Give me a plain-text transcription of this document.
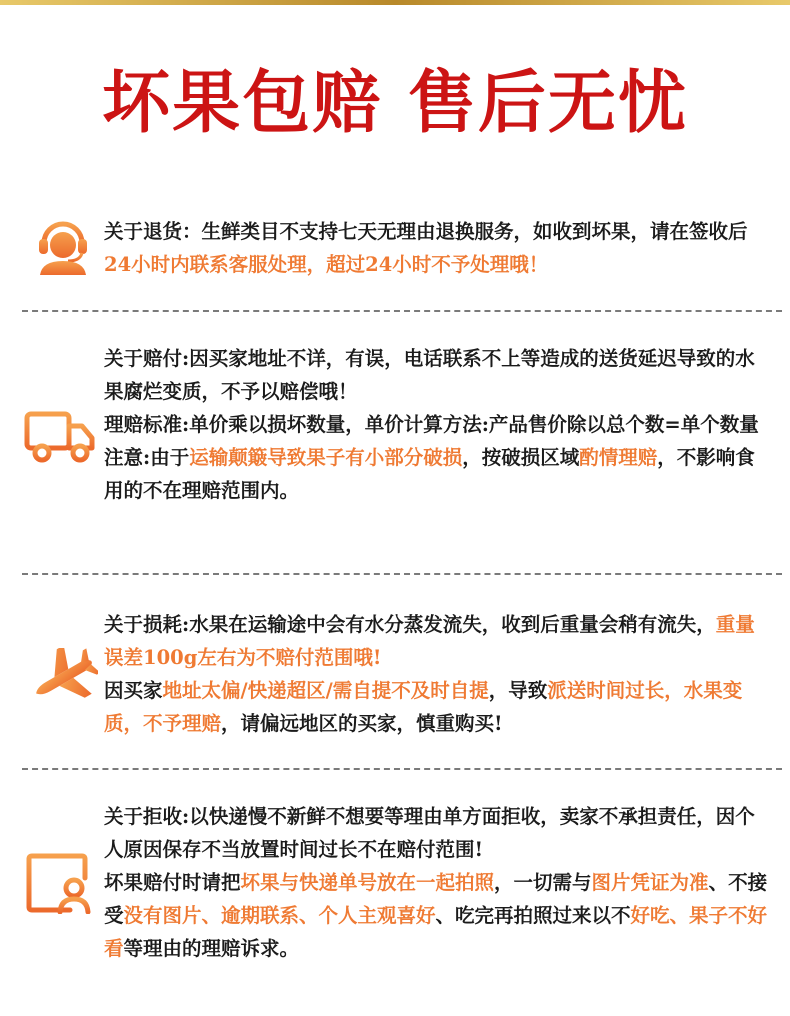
坏果包赔 售后无忧

关于退货：生鲜类目不支持七天无理由退换服务，如收到坏果，请在签收后24小时内联系客服处理，超过24小时不予处理哦！

关于赔付:因买家地址不详，有误，电话联系不上等造成的送货延迟导致的水果腐烂变质，不予以赔偿哦！

理赔标准:单价乘以损坏数量，单价计算方法:产品售价除以总个数=单个数量

注意:由于运输颠簸导致果子有小部分破损，按破损区域酌情理赔，不影响食用的不在理赔范围内。

关于损耗:水果在运输途中会有水分蒸发流失，收到后重量会稍有流失，重量误差100g左右为不赔付范围哦!

因买家地址太偏/快递超区/需自提不及时自提，导致派送时间过长，水果变质，不予理赔，请偏远地区的买家，慎重购买!

关于拒收:以快递慢不新鲜不想要等理由单方面拒收，卖家不承担责任，因个人原因保存不当放置时间过长不在赔付范围!

坏果赔付时请把坏果与快递单号放在一起拍照，一切需与图片凭证为准、不接受没有图片、逾期联系、个人主观喜好、吃完再拍照过来以不好吃、果子不好看等理由的理赔诉求。
